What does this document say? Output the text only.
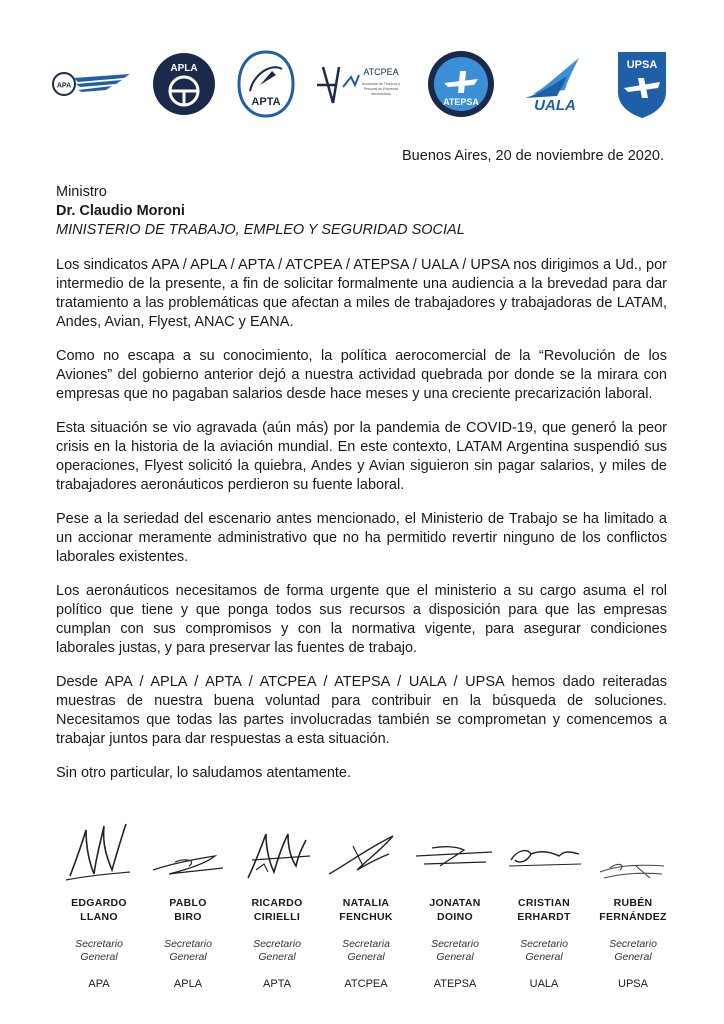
APA
APLA
APTA
ATCPEA
Asociación de Técnicos y
Personal de Empresas
Aeronáuticas
ATEPSA	UALA
UPSA
Buenos Aires, 20 de noviembre de 2020.
Ministro
Dr. Claudio Moroni
MINISTERIO DE TRABAJO, EMPLEO Y SEGURIDAD SOCIAL

Los sindicatos APA / APLA / APTA / ATCPEA / ATEPSA / UALA / UPSA nos dirigimos a Ud., por intermedio de la presente, a fin de solicitar formalmente una audiencia a la brevedad para dar tratamiento a las problemáticas que afectan a miles de trabajadores y trabajadoras de LATAM, Andes, Avian, Flyest, ANAC y EANA.

Como no escapa a su conocimiento, la política aerocomercial de la “Revolución de los Aviones” del gobierno anterior dejó a nuestra actividad quebrada por donde se la mirara con empresas que no pagaban salarios desde hace meses y una creciente precarización laboral.

Esta situación se vio agravada (aún más) por la pandemia de COVID-19, que generó la peor crisis en la historia de la aviación mundial. En este contexto, LATAM Argentina suspendió sus operaciones, Flyest solicitó la quiebra, Andes y Avian siguieron sin pagar salarios, y miles de trabajadores aeronáuticos perdieron su fuente laboral.

Pese a la seriedad del escenario antes mencionado, el Ministerio de Trabajo se ha limitado a un accionar meramente administrativo que no ha permitido revertir ninguno de los conflictos laborales existentes.

Los aeronáuticos necesitamos de forma urgente que el ministerio a su cargo asuma el rol político que tiene y que ponga todos sus recursos a disposición para que las empresas cumplan con sus compromisos y con la normativa vigente, para asegurar condiciones laborales justas, y para preservar las fuentes de trabajo.

Desde APA / APLA / APTA / ATCPEA / ATEPSA / UALA / UPSA hemos dado reiteradas muestras de nuestra buena voluntad para contribuir en la búsqueda de soluciones. Necesitamos que todas las partes involucradas también se comprometan y comencemos a trabajar juntos para dar respuestas a esta situación.

Sin otro particular, lo saludamos atentamente.

EDGARDO
LLANO
Secretario
General
APA
PABLO
BIRO
Secretario
General
APLA
RICARDO
CIRIELLI
Secretario
General
APTA
NATALIA
FENCHUK
Secretaria
General
ATCPEA
JONATAN
DOINO
Secretario
General
ATEPSA
CRISTIAN
ERHARDT
Secretario
General
UALA
RUBÉN
FERNÁNDEZ
Secretario
General
UPSA
